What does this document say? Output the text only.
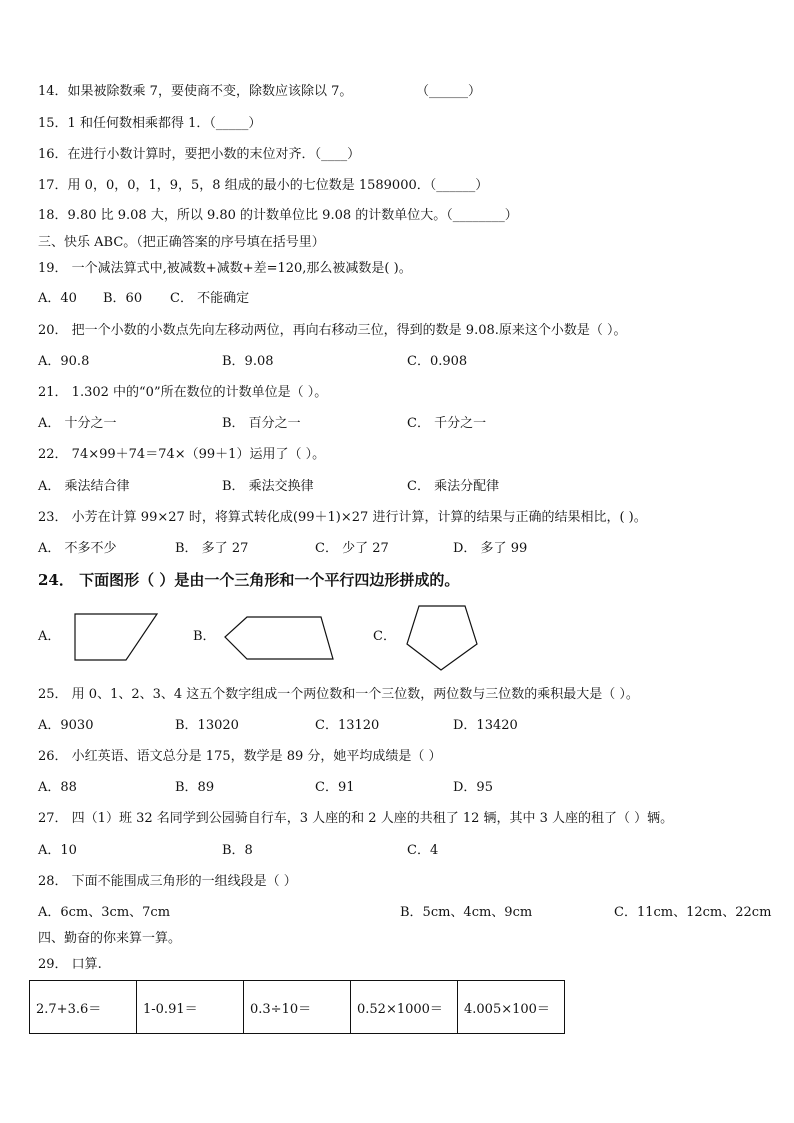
14．如果被除数乘 7，要使商不变，除数应该除以 7。	（______）
15．1 和任何数相乘都得 1．（_____）
16．在进行小数计算时，要把小数的末位对齐．（____）
17．用 0，0，0，1，9，5，8 组成的最小的七位数是 1589000．（______）
18．9.80 比 9.08 大，所以 9.80 的计数单位比 9.08 的计数单位大。（________）
三、快乐 ABC。（把正确答案的序号填在括号里）
19． 一个减法算式中,被减数+减数+差=120,那么被减数是( )。
A．40 B．60 C． 不能确定
20． 把一个小数的小数点先向左移动两位，再向右移动三位，得到的数是 9.08.原来这个小数是（ ）。
A．90.8	B．9.08	C．0.908
21． 1.302 中的“0”所在数位的计数单位是（ ）。
A． 十分之一	B． 百分之一	C． 千分之一
22． 74×99＋74＝74×（99＋1）运用了（ ）。
A． 乘法结合律	B． 乘法交换律	C． 乘法分配律
23． 小芳在计算 99×27 时，将算式转化成(99＋1)×27 进行计算，计算的结果与正确的结果相比，( )。
A． 不多不少	B． 多了 27	C． 少了 27	D． 多了 99
24． 下面图形（ ）是由一个三角形和一个平行四边形拼成的。
A．	B．	C．
25． 用 0、1、2、3、4 这五个数字组成一个两位数和一个三位数，两位数与三位数的乘积最大是（ ）。
A．9030	B．13020	C．13120	D．13420
26． 小红英语、语文总分是 175，数学是 89 分，她平均成绩是（ ）
A．88	B．89	C．91	D．95
27． 四（1）班 32 名同学到公园骑自行车，3 人座的和 2 人座的共租了 12 辆，其中 3 人座的租了（ ）辆。
A．10	B．8	C．4
28． 下面不能围成三角形的一组线段是（ ）
A．6cm、3cm、7cm	B．5cm、4cm、9cm	C．11cm、12cm、22cm
四、勤奋的你来算一算。
29． 口算.
2.7+3.6＝	1-0.91＝	0.3÷10＝	0.52×1000＝	4.005×100＝
